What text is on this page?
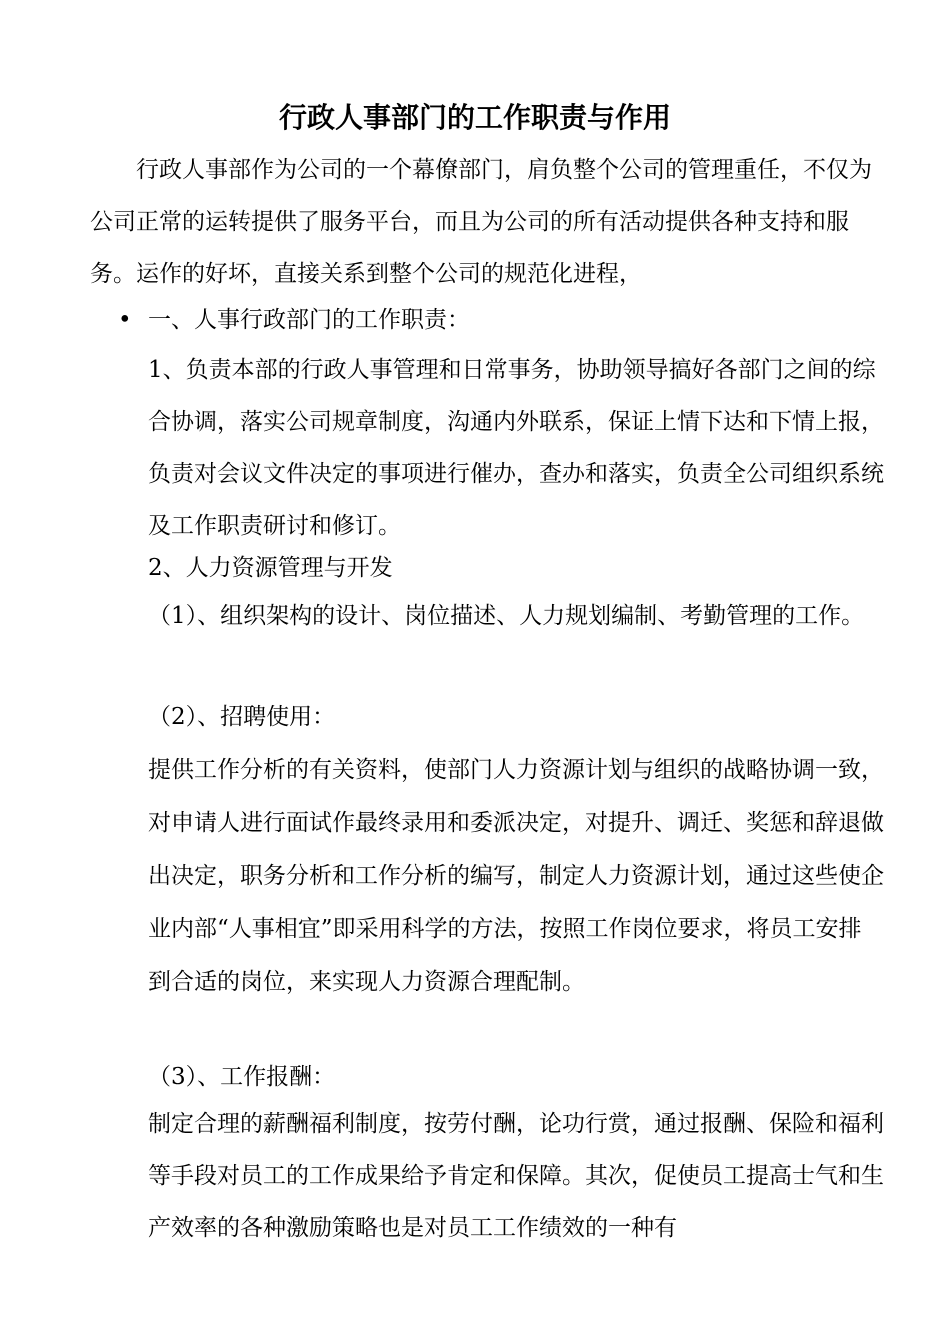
行政人事部门的工作职责与作用

行政人事部作为公司的一个幕僚部门，肩负整个公司的管理重任，不仅为公司正常的运转提供了服务平台，而且为公司的所有活动提供各种支持和服务。运作的好坏，直接关系到整个公司的规范化进程，

• 一、人事行政部门的工作职责：

1、负责本部的行政人事管理和日常事务，协助领导搞好各部门之间的综合协调，落实公司规章制度，沟通内外联系，保证上情下达和下情上报，负责对会议文件决定的事项进行催办，查办和落实，负责全公司组织系统及工作职责研讨和修订。

2、人力资源管理与开发

（1）、组织架构的设计、岗位描述、人力规划编制、考勤管理的工作。

（2）、招聘使用：

提供工作分析的有关资料，使部门人力资源计划与组织的战略协调一致，对申请人进行面试作最终录用和委派决定，对提升、调迁、奖惩和辞退做出决定，职务分析和工作分析的编写，制定人力资源计划，通过这些使企业内部“人事相宜”即采用科学的方法，按照工作岗位要求，将员工安排到合适的岗位，来实现人力资源合理配制。

（3）、工作报酬：

制定合理的薪酬福利制度，按劳付酬，论功行赏，通过报酬、保险和福利等手段对员工的工作成果给予肯定和保障。其次，促使员工提高士气和生产效率的各种激励策略也是对员工工作绩效的一种有
